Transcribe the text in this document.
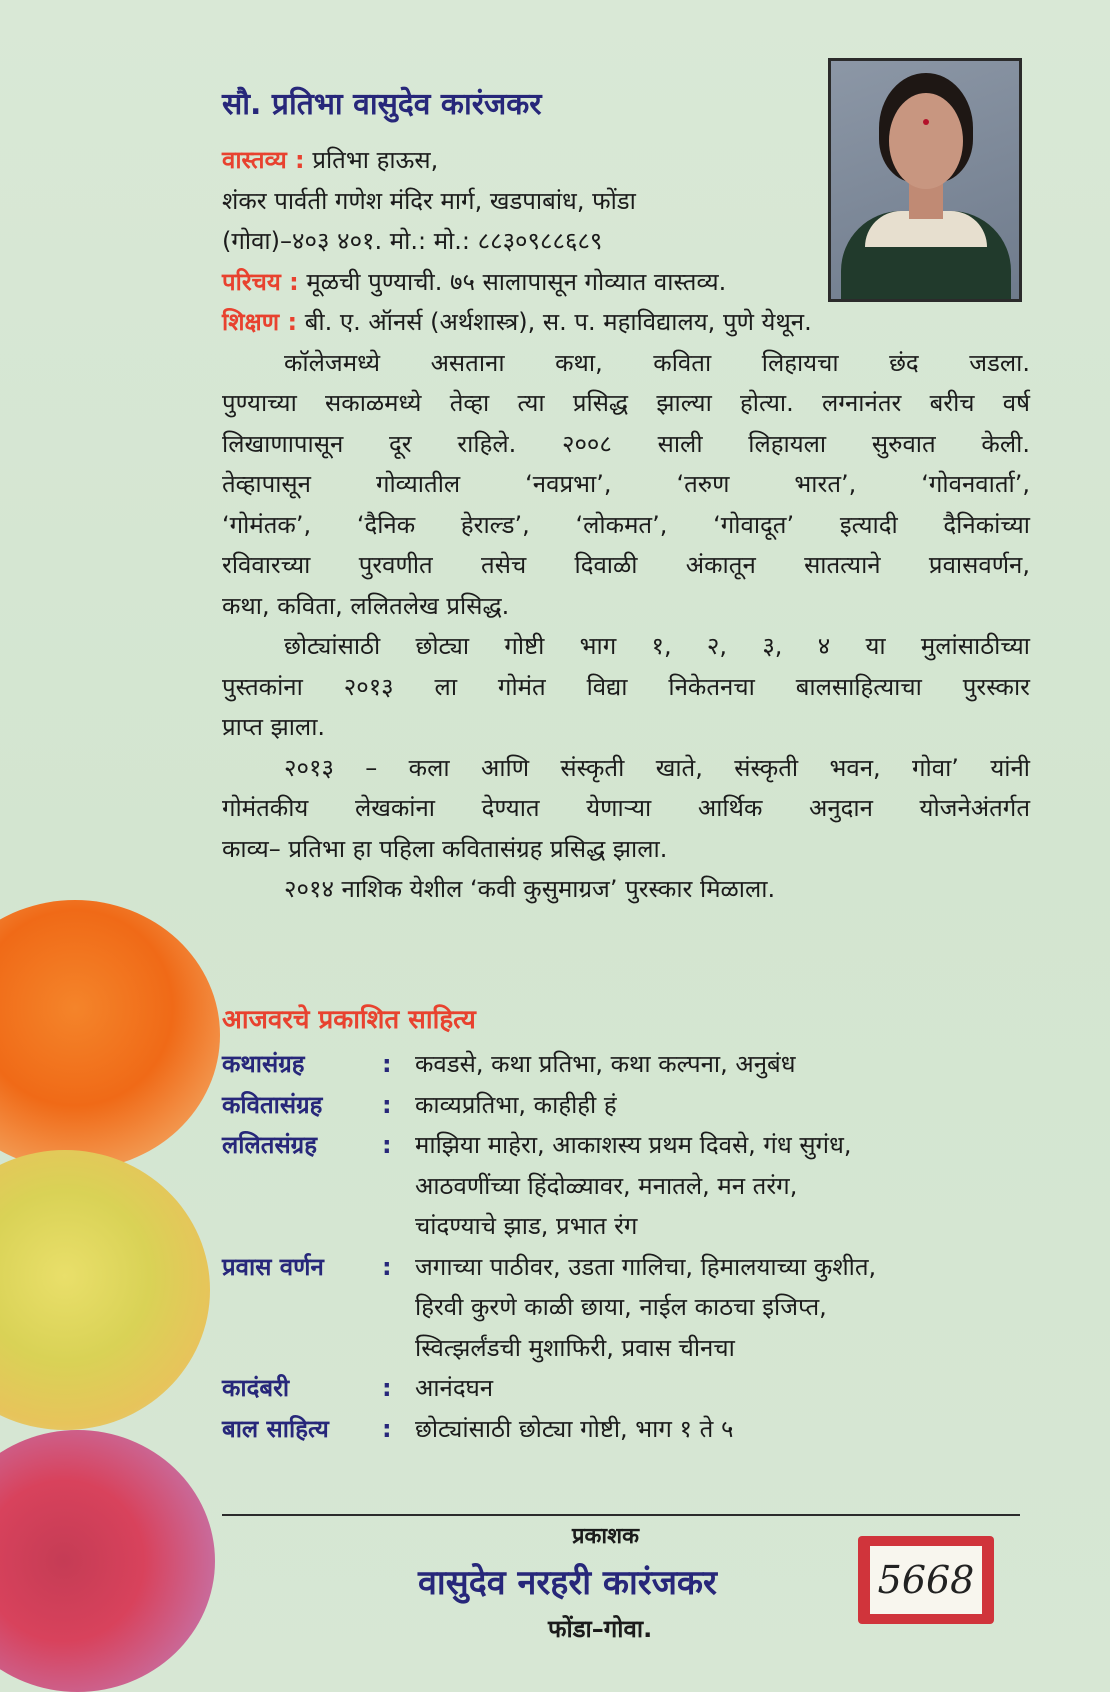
सौ. प्रतिभा वासुदेव कारंजकर

वास्तव्य : प्रतिभा हाऊस,

शंकर पार्वती गणेश मंदिर मार्ग, खडपाबांध, फोंडा

(गोवा)–४०३ ४०१. मो.: मो.: ८८३०९८८६८९

परिचय : मूळची पुण्याची. ७५ सालापासून गोव्यात वास्तव्य.

शिक्षण : बी. ए. ऑनर्स (अर्थशास्त्र), स. प. महाविद्यालय, पुणे येथून.

कॉलेजमध्ये असताना कथा, कविता लिहायचा छंद जडला.

पुण्याच्या सकाळमध्ये तेव्हा त्या प्रसिद्ध झाल्या होत्या. लग्नानंतर बरीच वर्ष

लिखाणापासून दूर राहिले. २००८ साली लिहायला सुरुवात केली.

तेव्हापासून गोव्यातील ‘नवप्रभा’, ‘तरुण भारत’, ‘गोवनवार्ता’,

‘गोमंतक’, ‘दैनिक हेराल्ड’, ‘लोकमत’, ‘गोवादूत’ इत्यादी दैनिकांच्या

रविवारच्या पुरवणीत तसेच दिवाळी अंकातून सातत्याने प्रवासवर्णन,

कथा, कविता, ललितलेख प्रसिद्ध.

छोट्यांसाठी छोट्या गोष्टी भाग १, २, ३, ४ या मुलांसाठीच्या

पुस्तकांना २०१३ ला गोमंत विद्या निकेतनचा बालसाहित्याचा पुरस्कार

प्राप्त झाला.

२०१३ – कला आणि संस्कृती खाते, संस्कृती भवन, गोवा’ यांनी

गोमंतकीय लेखकांना देण्यात येणाऱ्या आर्थिक अनुदान योजनेअंतर्गत

काव्य– प्रतिभा हा पहिला कवितासंग्रह प्रसिद्ध झाला.

२०१४ नाशिक येशील ‘कवी कुसुमाग्रज’ पुरस्कार मिळाला.

आजवरचे प्रकाशित साहित्य
कथासंग्रह	: कवडसे, कथा प्रतिभा, कथा कल्पना, अनुबंध

कवितासंग्रह	: काव्यप्रतिभा, काहीही हं

ललितसंग्रह	: माझिया माहेरा, आकाशस्य प्रथम दिवसे, गंध सुगंध,

आठवणींच्या हिंदोळ्यावर, मनातले, मन तरंग,

चांदण्याचे झाड, प्रभात रंग

प्रवास वर्णन	: जगाच्या पाठीवर, उडता गालिचा, हिमालयाच्या कुशीत,

हिरवी कुरणे काळी छाया, नाईल काठचा इजिप्त,

स्वित्झर्लंडची मुशाफिरी, प्रवास चीनचा

कादंबरी	: आनंदघन

बाल साहित्य	: छोट्यांसाठी छोट्या गोष्टी, भाग १ ते ५

प्रकाशक

वासुदेव नरहरी कारंजकर

फोंडा–गोवा.

5668
